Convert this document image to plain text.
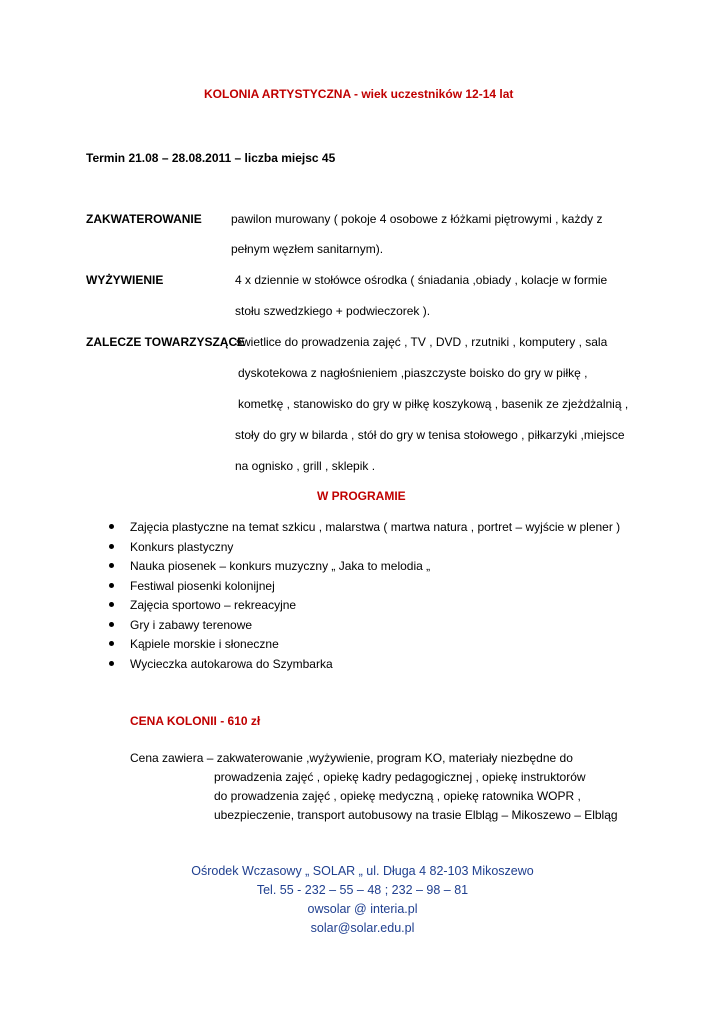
KOLONIA ARTYSTYCZNA - wiek uczestników 12-14 lat
Termin 21.08 – 28.08.2011 – liczba miejsc 45
ZAKWATEROWANIE pawilon murowany ( pokoje 4 osobowe z łóżkami piętrowymi , każdy z
pełnym węzłem sanitarnym).
WYŻYWIENIE	4 x dziennie w stołówce ośrodka ( śniadania ,obiady , kolacje w formie
stołu szwedzkiego + podwieczorek ).
ZALECZE TOWARZYSZĄCE
świetlice do prowadzenia zajęć , TV , DVD , rzutniki , komputery , sala
dyskotekowa z nagłośnieniem ,piaszczyste boisko do gry w piłkę ,
kometkę , stanowisko do gry w piłkę koszykową , basenik ze zjeżdżalnią ,
stoły do gry w bilarda , stół do gry w tenisa stołowego , piłkarzyki ,miejsce
na ognisko , grill , sklepik .
W PROGRAMIE
Zajęcia plastyczne na temat szkicu , malarstwa ( martwa natura , portret – wyjście w plener )
Konkurs plastyczny
Nauka piosenek – konkurs muzyczny „ Jaka to melodia „
Festiwal piosenki kolonijnej
Zajęcia sportowo – rekreacyjne
Gry i zabawy terenowe
Kąpiele morskie i słoneczne
Wycieczka autokarowa do Szymbarka
CENA KOLONII - 610 zł
Cena zawiera – zakwaterowanie ,wyżywienie, program KO, materiały niezbędne do
prowadzenia zajęć , opiekę kadry pedagogicznej , opiekę instruktorów
do prowadzenia zajęć , opiekę medyczną , opiekę ratownika WOPR ,
ubezpieczenie, transport autobusowy na trasie Elbląg – Mikoszewo – Elbląg
Ośrodek Wczasowy „ SOLAR „ ul. Długa 4 82-103 Mikoszewo
Tel. 55 - 232 – 55 – 48 ; 232 – 98 – 81
owsolar @ interia.pl
solar@solar.edu.pl
